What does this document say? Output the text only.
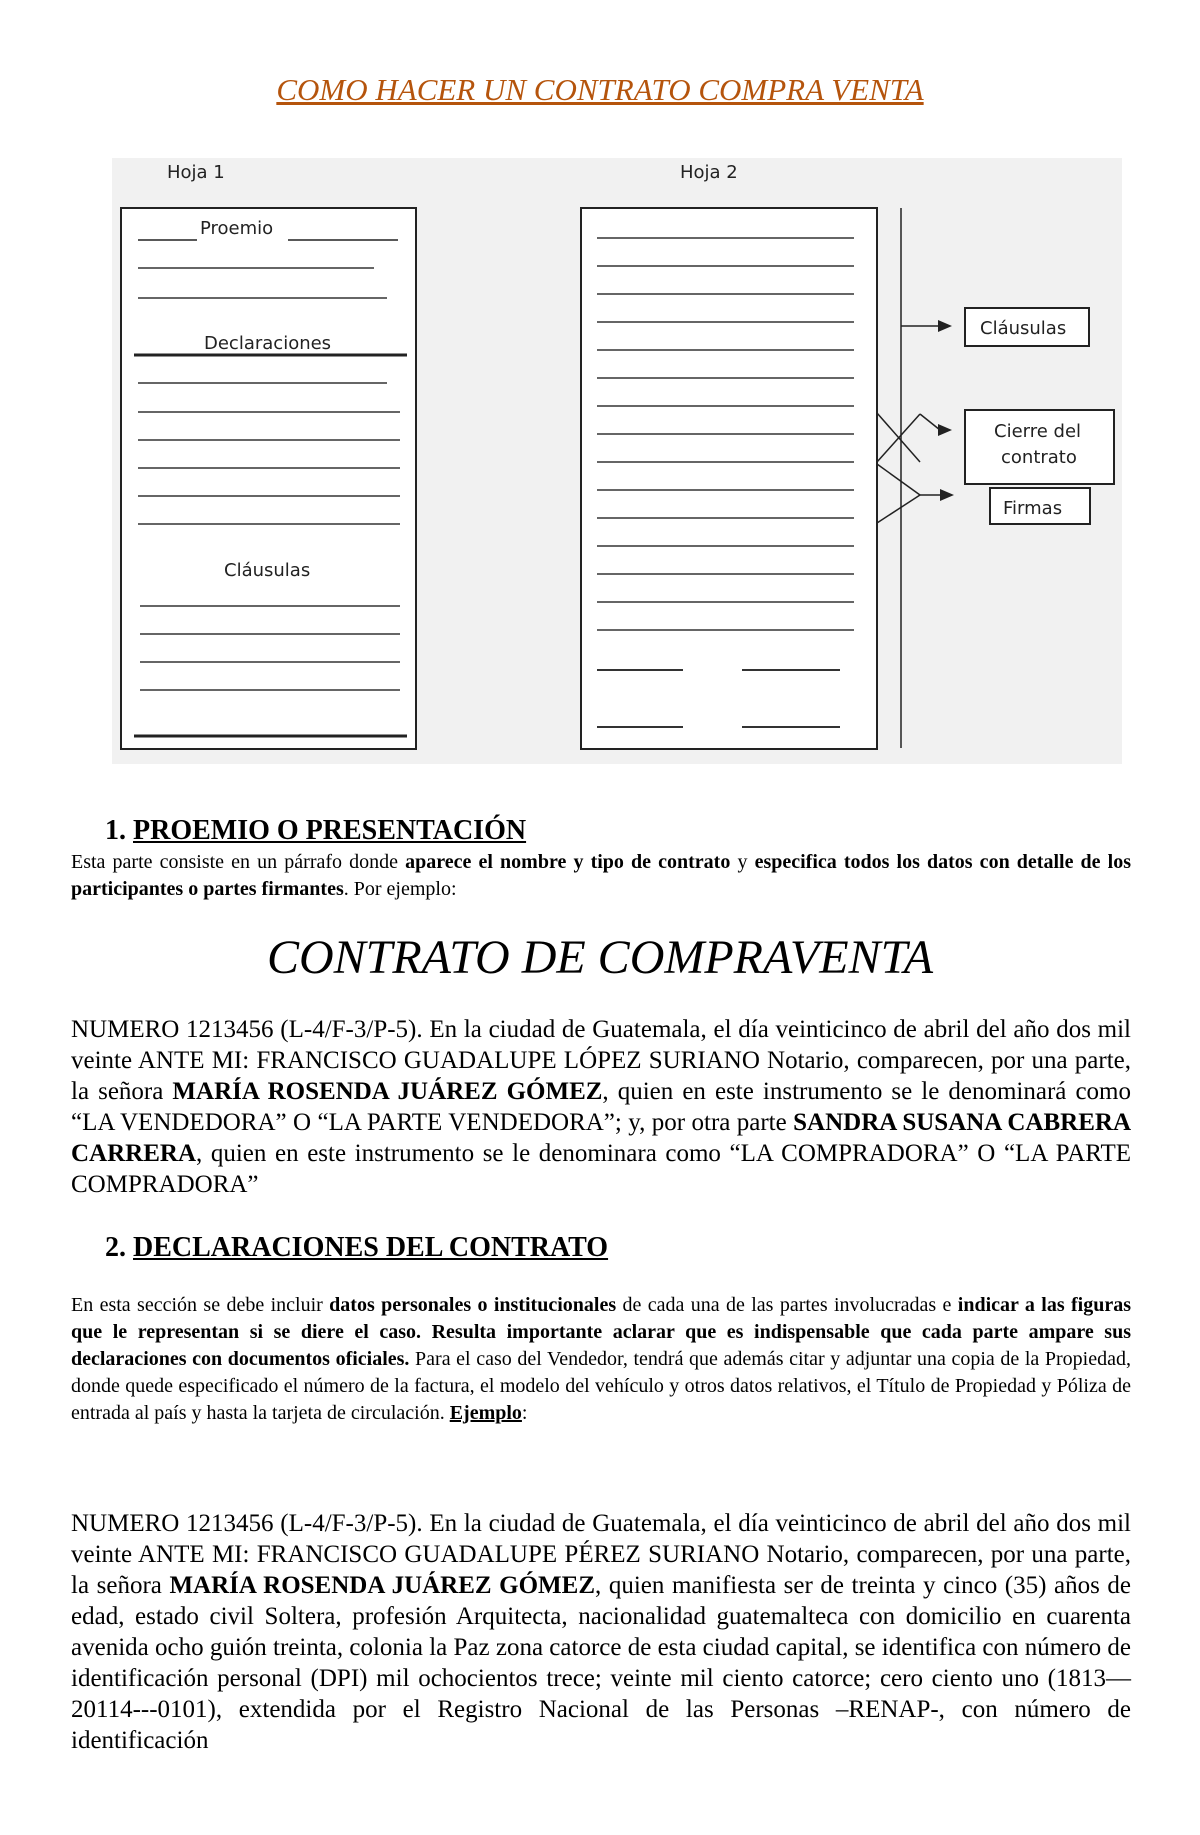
COMO HACER UN CONTRATO COMPRA VENTA
Hoja 1
Proemio
Declaraciones
Cláusulas
Hoja 2
Cláusulas
Cierre del
contrato
Firmas
1. PROEMIO O PRESENTACIÓN
Esta parte consiste en un párrafo donde aparece el nombre y tipo de contrato y especifica todos los datos con detalle de los participantes o partes firmantes. Por ejemplo:
CONTRATO DE COMPRAVENTA
NUMERO 1213456 (L-4/F-3/P-5). En la ciudad de Guatemala, el día veinticinco de abril del año dos mil veinte ANTE MI: FRANCISCO GUADALUPE LÓPEZ SURIANO Notario, comparecen, por una parte, la señora MARÍA ROSENDA JUÁREZ GÓMEZ, quien en este instrumento se le denominará como “LA VENDEDORA” O “LA PARTE VENDEDORA”; y, por otra parte SANDRA SUSANA CABRERA CARRERA, quien en este instrumento se le denominara como “LA COMPRADORA” O “LA PARTE COMPRADORA”
2. DECLARACIONES DEL CONTRATO
En esta sección se debe incluir datos personales o institucionales de cada una de las partes involucradas e indicar a las figuras que le representan si se diere el caso. Resulta importante aclarar que es indispensable que cada parte ampare sus declaraciones con documentos oficiales. Para el caso del Vendedor, tendrá que además citar y adjuntar una copia de la Propiedad, donde quede especificado el número de la factura, el modelo del vehículo y otros datos relativos, el Título de Propiedad y Póliza de entrada al país y hasta la tarjeta de circulación. Ejemplo:
NUMERO 1213456 (L-4/F-3/P-5). En la ciudad de Guatemala, el día veinticinco de abril del año dos mil veinte ANTE MI: FRANCISCO GUADALUPE PÉREZ SURIANO Notario, comparecen, por una parte, la señora MARÍA ROSENDA JUÁREZ GÓMEZ, quien manifiesta ser de treinta y cinco (35) años de edad, estado civil Soltera, profesión Arquitecta, nacionalidad guatemalteca con domicilio en cuarenta avenida ocho guión treinta, colonia la Paz zona catorce de esta ciudad capital, se identifica con número de identificación personal (DPI) mil ochocientos trece; veinte mil ciento catorce; cero ciento uno (1813—20114---0101), extendida por el Registro Nacional de las Personas –RENAP-, con número de identificación
